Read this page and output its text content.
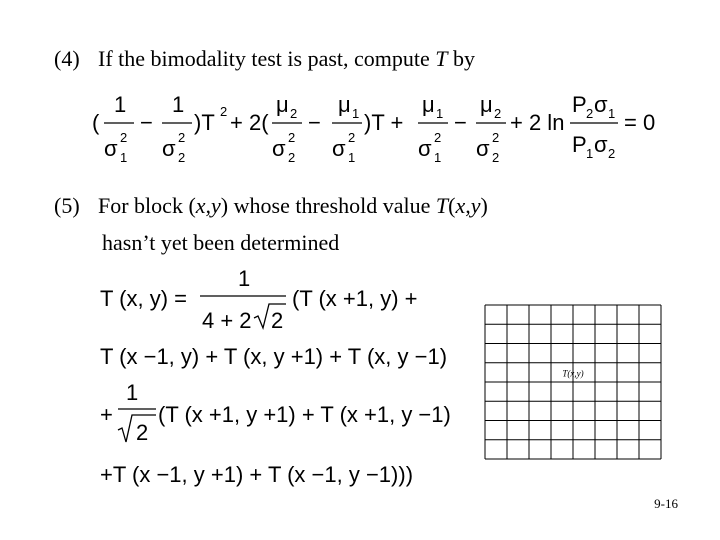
(4) If the bimodality test is past, compute T by
(
1
σ 1
2
−
1
σ 2
2
)T 2 + 2(
μ 2
σ 2
2
−
μ 1
σ 1
2
)T +
μ 1
σ 1
2
−
μ 2
σ 2
2
+ 2 ln
P 2 σ 1
P 1 σ 2
= 0
(5) For block (x,y) whose threshold value T(x,y)
hasn’t yet been determined
T (x, y) =
1
4 + 2 2
(T (x +1, y) +
T (x −1, y) + T (x, y +1) + T (x, y −1)
+
1
2
(T (x +1, y +1) + T (x +1, y −1)
+T (x −1, y +1) + T (x −1, y −1)))
T(x,y)
9-16
